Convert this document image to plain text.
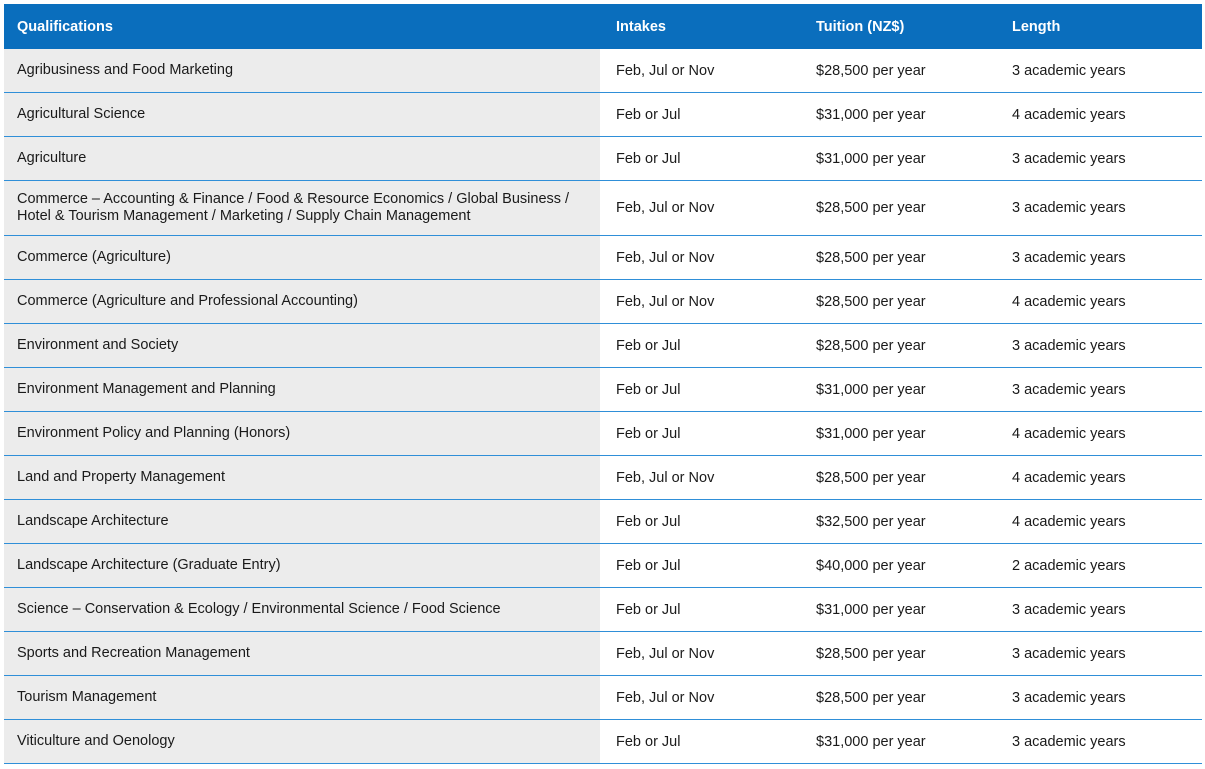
Qualifications	Intakes	Tuition (NZ$)	Length
Agribusiness and Food Marketing	Feb, Jul or Nov	$28,500 per year	3 academic years
Agricultural Science	Feb or Jul	$31,000 per year	4 academic years
Agriculture	Feb or Jul	$31,000 per year	3 academic years
Commerce – Accounting & Finance / Food & Resource Economics / Global Business / Hotel & Tourism Management / Marketing / Supply Chain Management	Feb, Jul or Nov	$28,500 per year	3 academic years
Commerce (Agriculture)	Feb, Jul or Nov	$28,500 per year	3 academic years
Commerce (Agriculture and Professional Accounting)	Feb, Jul or Nov	$28,500 per year	4 academic years
Environment and Society	Feb or Jul	$28,500 per year	3 academic years
Environment Management and Planning	Feb or Jul	$31,000 per year	3 academic years
Environment Policy and Planning (Honors)	Feb or Jul	$31,000 per year	4 academic years
Land and Property Management	Feb, Jul or Nov	$28,500 per year	4 academic years
Landscape Architecture	Feb or Jul	$32,500 per year	4 academic years
Landscape Architecture (Graduate Entry)	Feb or Jul	$40,000 per year	2 academic years
Science – Conservation & Ecology / Environmental Science / Food Science	Feb or Jul	$31,000 per year	3 academic years
Sports and Recreation Management	Feb, Jul or Nov	$28,500 per year	3 academic years
Tourism Management	Feb, Jul or Nov	$28,500 per year	3 academic years
Viticulture and Oenology	Feb or Jul	$31,000 per year	3 academic years
